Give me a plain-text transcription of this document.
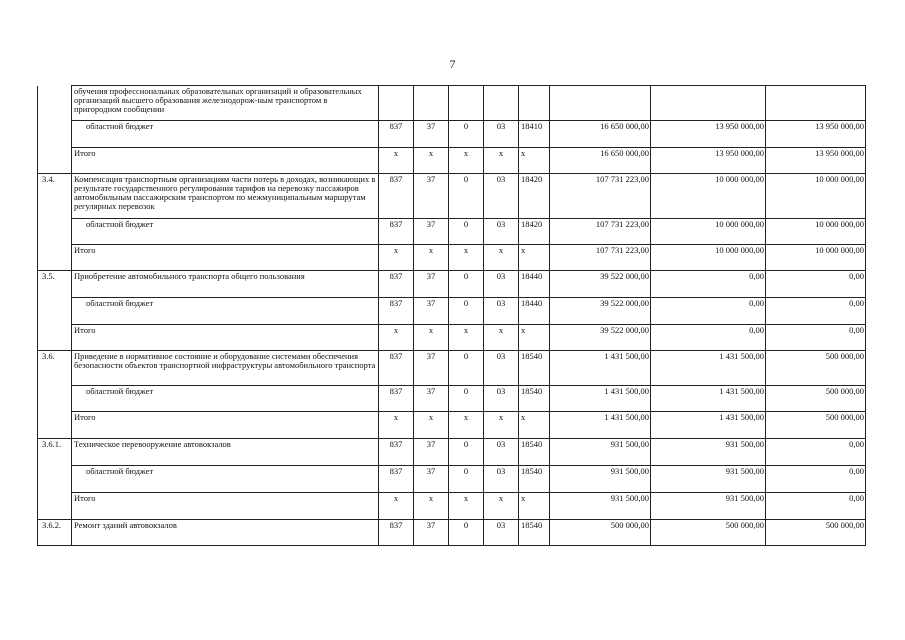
7
	обучения профессиональных образовательных организаций и образовательных организаций высшего образования железнодорож-ным транспортом в пригородном сообщении								
	областной бюджет	837	37	0	03	18410	16 650 000,00	13 950 000,00	13 950 000,00
	Итого	x	x	x	x	x	16 650 000,00	13 950 000,00	13 950 000,00
3.4.	Компенсация транспортным организациям части потерь в доходах, возникающих в результате государственного регулирования тарифов на перевозку пассажиров автомобильным пассажирским транспортом по межмуниципальным маршрутам регулярных перевозок	837	37	0	03	18420	107 731 223,00	10 000 000,00	10 000 000,00
	областной бюджет	837	37	0	03	18420	107 731 223,00	10 000 000,00	10 000 000,00
	Итого	x	x	x	x	x	107 731 223,00	10 000 000,00	10 000 000,00
3.5.	Приобретение автомобильного транспорта общего пользования	837	37	0	03	18440	39 522 000,00	0,00	0,00
	областной бюджет	837	37	0	03	18440	39 522 000,00	0,00	0,00
	Итого	x	x	x	x	x	39 522 000,00	0,00	0,00
3.6.	Приведение в нормативное состояние и оборудование системами обеспечения безопасности объектов транспортной инфраструктуры автомобильного транспорта	837	37	0	03	18540	1 431 500,00	1 431 500,00	500 000,00
	областной бюджет	837	37	0	03	18540	1 431 500,00	1 431 500,00	500 000,00
	Итого	x	x	x	x	x	1 431 500,00	1 431 500,00	500 000,00
3.6.1.	Техническое перевооружение автовокзалов	837	37	0	03	18540	931 500,00	931 500,00	0,00
	областной бюджет	837	37	0	03	18540	931 500,00	931 500,00	0,00
	Итого	x	x	x	x	x	931 500,00	931 500,00	0,00
3.6.2.	Ремонт зданий автовокзалов	837	37	0	03	18540	500 000,00	500 000,00	500 000,00
